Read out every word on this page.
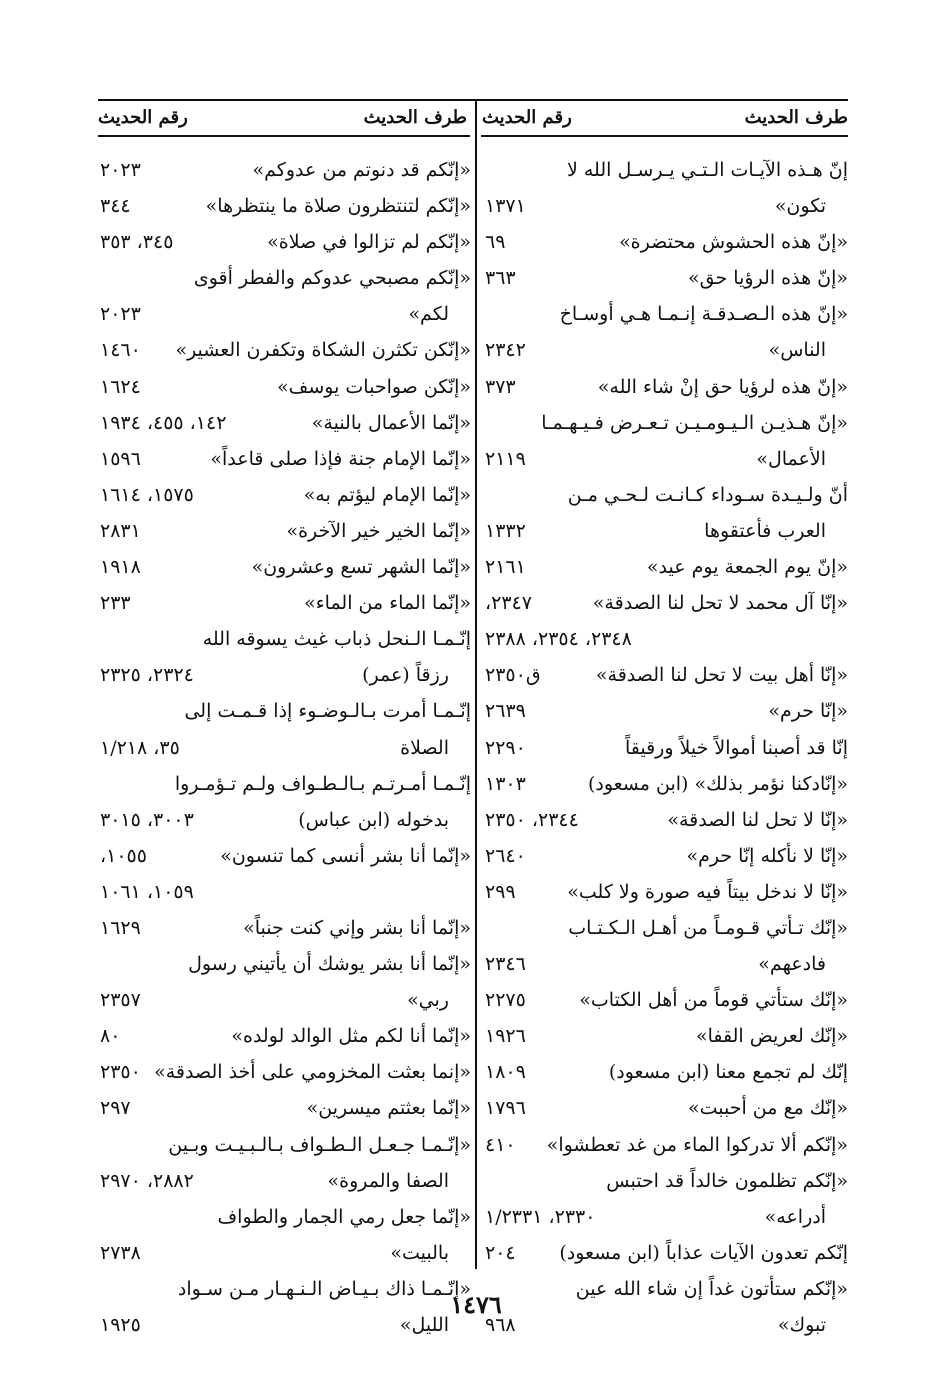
طرف الحديث
رقم الحديث
طرف الحديث
رقم الحديث
إنّ هـذه الآيـات الـتـي يـرسـل الله لا
تكون»
١٣٧١
«إنّ هذه الحشوش محتضرة»
٦٩
«إنّ هذه الرؤيا حق»
٣٦٣
«إنّ هذه الـصـدقـة إنـمـا هـي أوسـاخ
الناس»
٢٣٤٢
«إنّ هذه لرؤيا حق إنْ شاء الله»
٣٧٣
«إنّ هـذيـن الـيـومـيـن تـعـرض فـيـهـمـا
الأعمال»
٢١١٩
أنّ ولـيـدة سـوداء كـانـت لـحـي مـن
العرب فأعتقوها
١٣٣٢
«إنّ يوم الجمعة يوم عيد»
٢١٦١
«إنّا آل محمد لا تحل لنا الصدقة»
٢٣٤٧،
٢٣٤٨، ٢٣٥٤، ٢٣٨٨
«إنّا أهل بيت لا تحل لنا الصدقة»
ق٢٣٥٠
«إنّا حرم»
٢٦٣٩
إنّا قد أصبنا أموالاً خيلاً ورقيقاً
٢٢٩٠
«إنّادكنا نؤمر بذلك» (ابن مسعود)
١٣٠٣
«إنّا لا تحل لنا الصدقة»
٢٣٤٤، ٢٣٥٠
«إنّا لا نأكله إنّا حرم»
٢٦٤٠
«إنّا لا ندخل بيتاً فيه صورة ولا كلب»
٢٩٩
«إنّك تـأتي قـومـاً من أهـل الـكـتـاب
فادعهم»
٢٣٤٦
«إنّك ستأتي قوماً من أهل الكتاب»
٢٢٧٥
«إنّك لعريض القفا»
١٩٢٦
إنّك لم تجمع معنا (ابن مسعود)
١٨٠٩
«إنّك مع من أحببت»
١٧٩٦
«إنّكم ألا تدركوا الماء من غد تعطشوا»
٤١٠
«إنّكم تظلمون خالداً قد احتبس
أدراعه»
٢٣٣٠، ١/٢٣٣١
إنّكم تعدون الآيات عذاباً (ابن مسعود)
٢٠٤
«إنّكم ستأتون غداً إن شاء الله عين
تبوك»
٩٦٨
«إنّكم قد دنوتم من عدوكم»
٢٠٢٣
«إنّكم لتنتظرون صلاة ما ينتظرها»
٣٤٤
«إنّكم لم تزالوا في صلاة»
٣٤٥، ٣٥٣
«إنّكم مصبحي عدوكم والفطر أقوى
لكم»
٢٠٢٣
«إنّكن تكثرن الشكاة وتكفرن العشير»
١٤٦٠
«إنّكن صواحبات يوسف»
١٦٢٤
«إنّما الأعمال بالنية»
١٤٢، ٤٥٥، ١٩٣٤
«إنّما الإمام جنة فإذا صلى قاعداً»
١٥٩٦
«إنّما الإمام ليؤتم به»
١٥٧٥، ١٦١٤
«إنّما الخير خير الآخرة»
٢٨٣١
«إنّما الشهر تسع وعشرون»
١٩١٨
«إنّما الماء من الماء»
٢٣٣
إنّـمـا الـنحل ذباب غيث يسوقه الله
رزقاً (عمر)
٢٣٢٤، ٢٣٢٥
إنّـمـا أمرت بـالـوضـوء إذا قـمـت إلى
الصلاة
٣٥، ١/٢١٨
إنّـمـا أمـرتـم بـالـطـواف ولـم تـؤمـروا
بدخوله (ابن عباس)
٣٠٠٣، ٣٠١٥
«إنّما أنا بشر أنسى كما تنسون»
١٠٥٥،
١٠٥٩، ١٠٦١
«إنّما أنا بشر وإني كنت جنباً»
١٦٢٩
«إنّما أنا بشر يوشك أن يأتيني رسول
ربي»
٢٣٥٧
«إنّما أنا لكم مثل الوالد لولده»
٨٠
«إنما بعثت المخزومي على أخذ الصدقة»
٢٣٥٠
«إنّما بعثتم ميسرين»
٢٩٧
«إنّـمـا جـعـل الـطـواف بـالـبـيـت وبـين
الصفا والمروة»
٢٨٨٢، ٢٩٧٠
«إنّما جعل رمي الجمار والطواف
بالبيت»
٢٧٣٨
«إنّـمـا ذاك بـيـاض الـنـهـار مـن سـواد
الليل»
١٩٢٥
١٤٧٦
